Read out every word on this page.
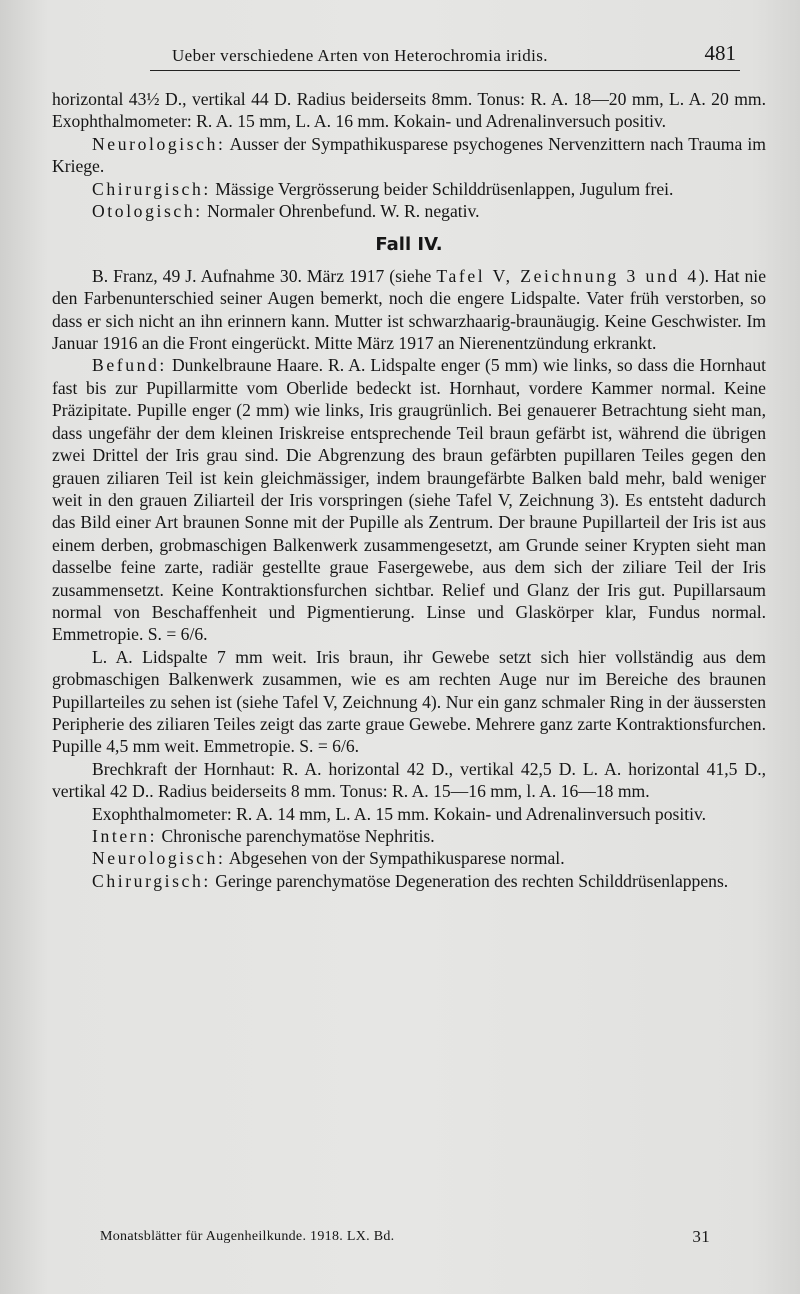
Ueber verschiedene Arten von Heterochromia iridis.	481

horizontal 43½ D., vertikal 44 D. Radius beiderseits 8mm. Tonus: R. A. 18—20 mm, L. A. 20 mm. Exophthalmometer: R. A. 15 mm, L. A. 16 mm. Kokain- und Adrenalinversuch positiv.

Neurologisch: Ausser der Sympathikusparese psychogenes Nervenzittern nach Trauma im Kriege.

Chirurgisch: Mässige Vergrösserung beider Schilddrüsenlappen, Jugulum frei.

Otologisch: Normaler Ohrenbefund. W. R. negativ.

Fall IV.

B. Franz, 49 J. Aufnahme 30. März 1917 (siehe Tafel V, Zeichnung 3 und 4). Hat nie den Farbenunterschied seiner Augen bemerkt, noch die engere Lidspalte. Vater früh verstorben, so dass er sich nicht an ihn erinnern kann. Mutter ist schwarzhaarig-braunäugig. Keine Geschwister. Im Januar 1916 an die Front eingerückt. Mitte März 1917 an Nierenentzündung erkrankt.

Befund: Dunkelbraune Haare. R. A. Lidspalte enger (5 mm) wie links, so dass die Hornhaut fast bis zur Pupillarmitte vom Oberlide bedeckt ist. Hornhaut, vordere Kammer normal. Keine Präzipitate. Pupille enger (2 mm) wie links, Iris graugrünlich. Bei genauerer Betrachtung sieht man, dass ungefähr der dem kleinen Iriskreise entsprechende Teil braun gefärbt ist, während die übrigen zwei Drittel der Iris grau sind. Die Abgrenzung des braun gefärbten pupillaren Teiles gegen den grauen ziliaren Teil ist kein gleichmässiger, indem braungefärbte Balken bald mehr, bald weniger weit in den grauen Ziliarteil der Iris vorspringen (siehe Tafel V, Zeichnung 3). Es entsteht dadurch das Bild einer Art braunen Sonne mit der Pupille als Zentrum. Der braune Pupillarteil der Iris ist aus einem derben, grobmaschigen Balkenwerk zusammengesetzt, am Grunde seiner Krypten sieht man dasselbe feine zarte, radiär gestellte graue Fasergewebe, aus dem sich der ziliare Teil der Iris zusammensetzt. Keine Kontraktionsfurchen sichtbar. Relief und Glanz der Iris gut. Pupillarsaum normal von Beschaffenheit und Pigmentierung. Linse und Glaskörper klar, Fundus normal. Emmetropie. S. = 6/6.

L. A. Lidspalte 7 mm weit. Iris braun, ihr Gewebe setzt sich hier vollständig aus dem grobmaschigen Balkenwerk zusammen, wie es am rechten Auge nur im Bereiche des braunen Pupillarteiles zu sehen ist (siehe Tafel V, Zeichnung 4). Nur ein ganz schmaler Ring in der äussersten Peripherie des ziliaren Teiles zeigt das zarte graue Gewebe. Mehrere ganz zarte Kontraktionsfurchen. Pupille 4,5 mm weit. Emmetropie. S. = 6/6.

Brechkraft der Hornhaut: R. A. horizontal 42 D., vertikal 42,5 D. L. A. horizontal 41,5 D., vertikal 42 D.. Radius beiderseits 8 mm. Tonus: R. A. 15—16 mm, l. A. 16—18 mm.

Exophthalmometer: R. A. 14 mm, L. A. 15 mm. Kokain- und Adrenalinversuch positiv.

Intern: Chronische parenchymatöse Nephritis.

Neurologisch: Abgesehen von der Sympathikusparese normal.

Chirurgisch: Geringe parenchymatöse Degeneration des rechten Schilddrüsenlappens.

Monatsblätter für Augenheilkunde. 1918. LX. Bd.	31
